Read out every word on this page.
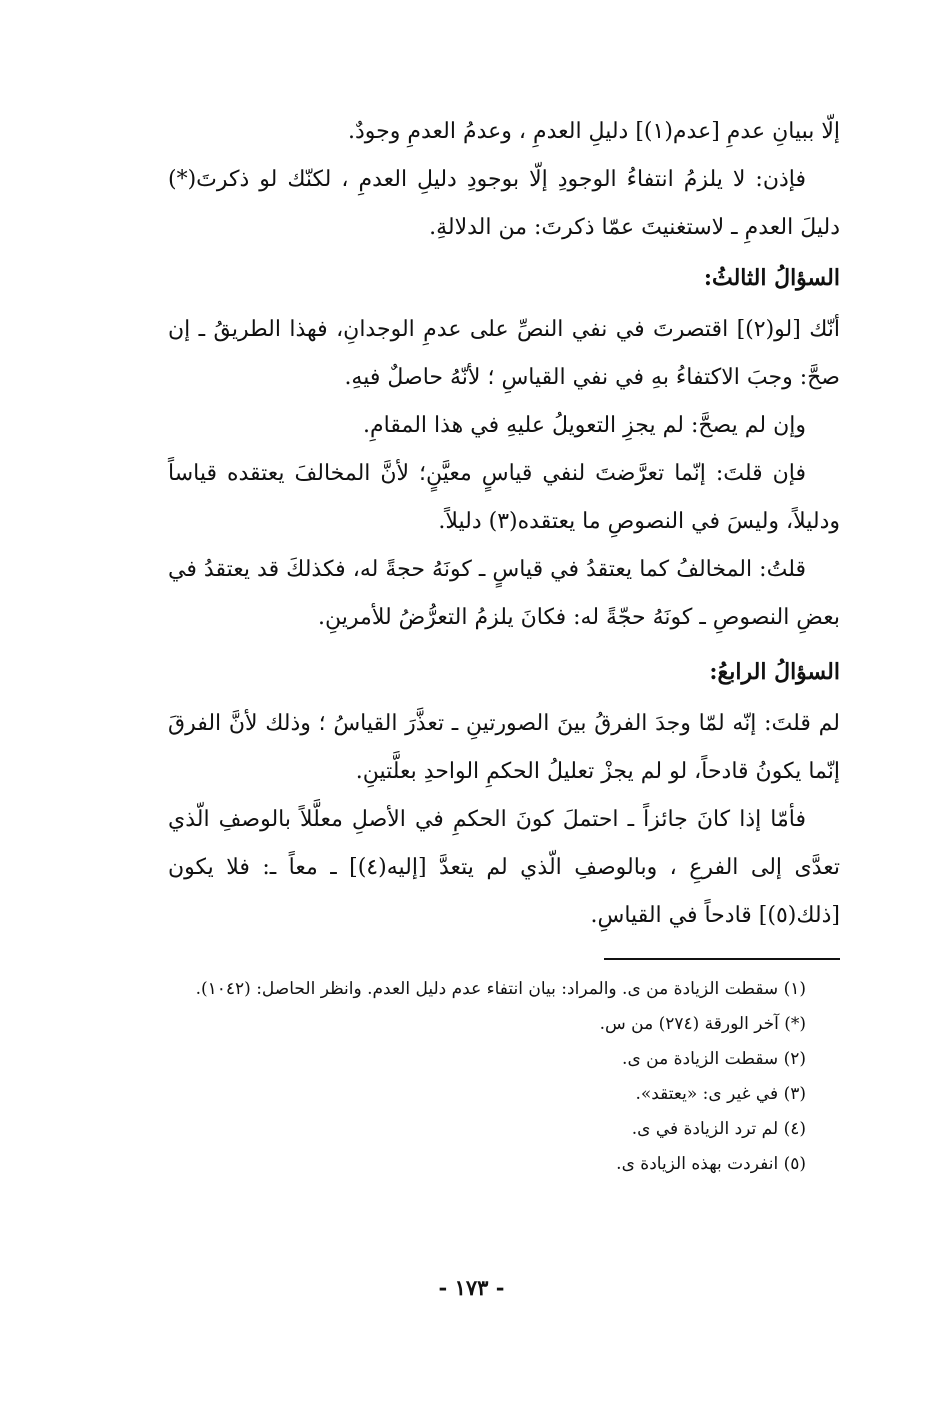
إلّا ببيانِ عدمِ [عدم(١)] دليلِ العدمِ ، وعدمُ العدمِ وجودٌ.

فإذن: لا يلزمُ انتفاءُ الوجودِ إلّا بوجودِ دليلِ العدمِ ، لكنّك لو ذكرتَ(*) دليلَ العدمِ ـ لاستغنيتَ عمّا ذكرتَ: من الدلالةِ.

السؤالُ الثالثُ:

أنّك [لو(٢)] اقتصرتَ في نفي النصِّ على عدمِ الوجدانِ، فهذا الطريقُ ـ إن صحَّ: وجبَ الاكتفاءُ بهِ في نفي القياسِ ؛ لأنّهُ حاصلٌ فيهِ.

وإن لم يصحَّ: لم يجزِ التعويلُ عليهِ في هذا المقامِ.

فإن قلتَ: إنّما تعرَّضتَ لنفي قياسٍ معيَّنٍ؛ لأنَّ المخالفَ يعتقده قياساً ودليلاً، وليسَ في النصوصِ ما يعتقده(٣) دليلاً.

قلتُ: المخالفُ كما يعتقدُ في قياسٍ ـ كونَهُ حجةً له، فكذلكَ قد يعتقدُ في بعضِ النصوصِ ـ كونَهُ حجّةً له: فكانَ يلزمُ التعرُّضُ للأمرينِ.

السؤالُ الرابعُ:

لم قلتَ: إنّه لمّا وجدَ الفرقُ بينَ الصورتينِ ـ تعذَّرَ القياسُ ؛ وذلك لأنَّ الفرقَ إنّما يكونُ قادحاً، لو لم يجزْ تعليلُ الحكمِ الواحدِ بعلَّتينِ.

فأمّا إذا كانَ جائزاً ـ احتملَ كونَ الحكمِ في الأصلِ معلَّلاً بالوصفِ الّذي تعدَّى إلى الفرعِ ، وبالوصفِ الّذي لم يتعدَّ [إليه(٤)] ـ معاً ـ: فلا يكون [ذلك(٥)] قادحاً في القياسِ.

(١) سقطت الزيادة من ى. والمراد: بيان انتفاء عدم دليل العدم. وانظر الحاصل: (١٠٤٢).

(*) آخر الورقة (٢٧٤) من س.

(٢) سقطت الزيادة من ى.

(٣) في غير ى: «يعتقد».

(٤) لم ترد الزيادة في ى.

(٥) انفردت بهذه الزيادة ى.

- ١٧٣ -
